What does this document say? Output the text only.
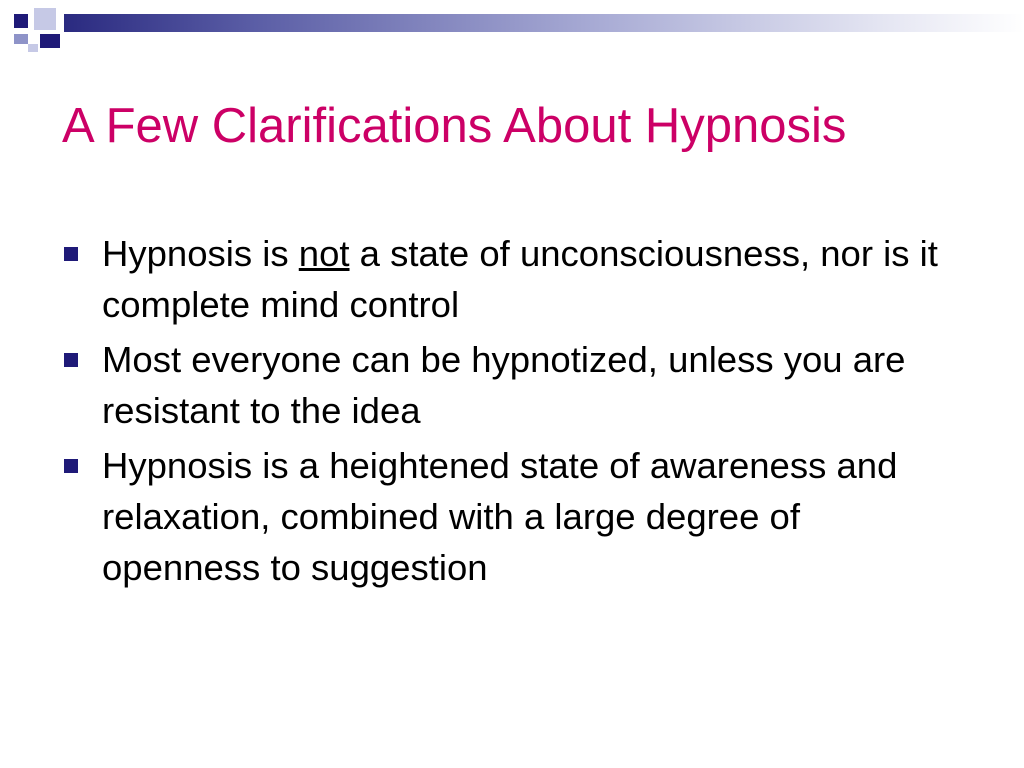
A Few Clarifications About Hypnosis
Hypnosis is not a state of unconsciousness, nor is it complete mind control
Most everyone can be hypnotized, unless you are resistant to the idea
Hypnosis is a heightened state of awareness and relaxation, combined with a large degree of openness to suggestion
